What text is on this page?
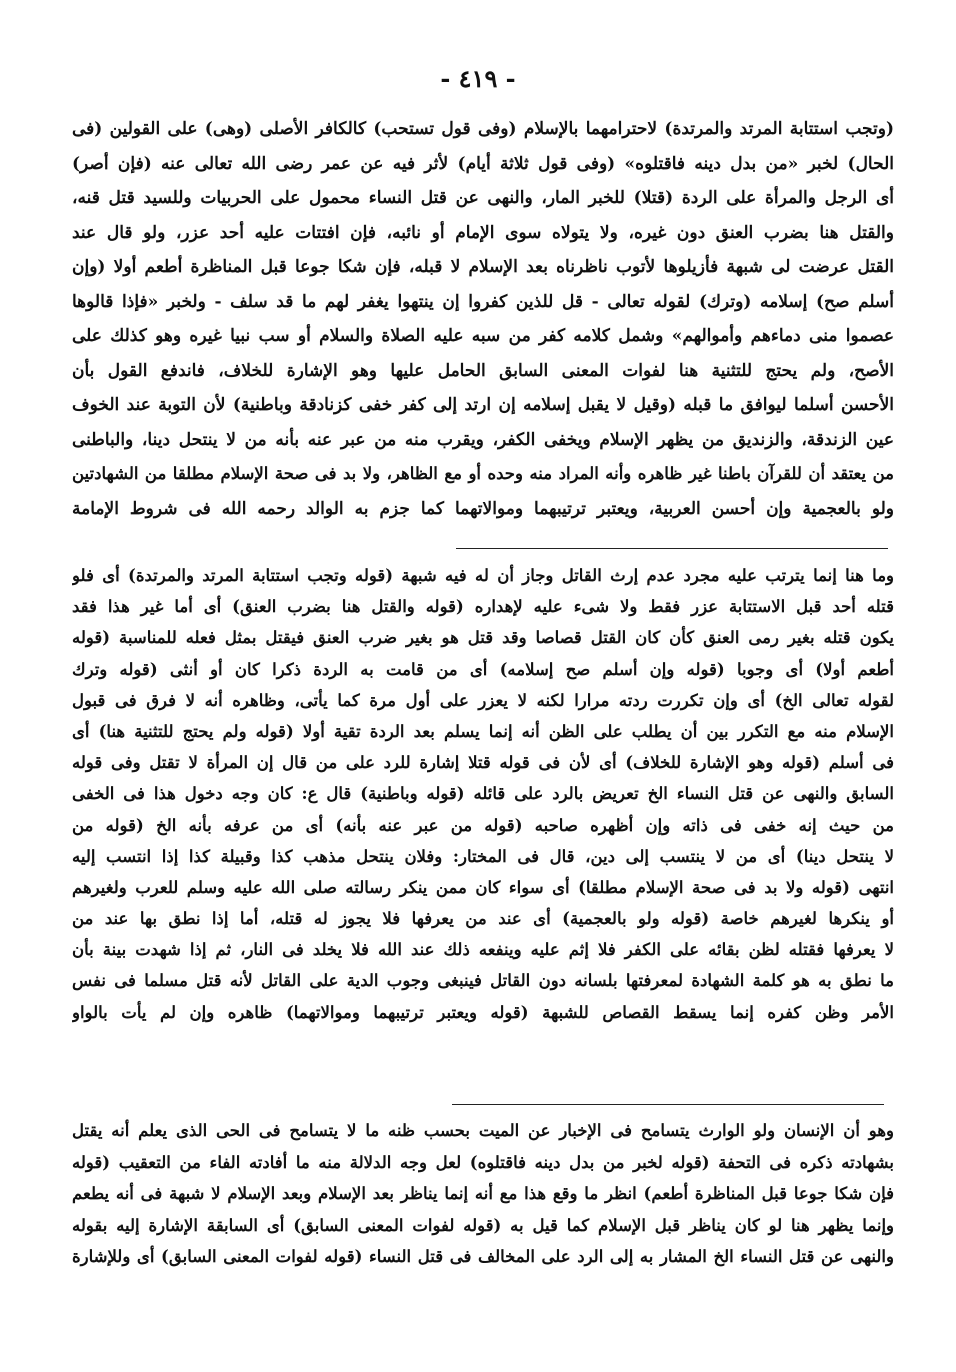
- ٤١٩ -
(وتجب استتابة المرتد والمرتدة) لاحترامهما بالإسلام (وفى قول تستحب) كالكافر الأصلى (وهى) على القولين (فى
الحال) لخبر «من بدل دينه فاقتلوه» (وفى قول ثلاثة أيام) لأثر فيه عن عمر رضى الله تعالى عنه (فإن أصر)
أى الرجل والمرأة على الردة (قتلا) للخبر المار، والنهى عن قتل النساء محمول على الحربيات وللسيد قتل قنه،
والقتل هنا بضرب العنق دون غيره، ولا يتولاه سوى الإمام أو نائبه، فإن افتتات عليه أحد عزر، ولو قال عند
القتل عرضت لى شبهة فأزيلوها لأتوب ناظرناه بعد الإسلام لا قبله، فإن شكا جوعا قبل المناظرة أطعم أولا (وإن
أسلم صح) إسلامه (وترك) لقوله تعالى - قل للذين كفروا إن ينتهوا يغفر لهم ما قد سلف - ولخبر «فإذا قالوها
عصموا منى دماءهم وأموالهم» وشمل كلامه كفر من سبه عليه الصلاة والسلام أو سب نبيا غيره وهو كذلك على
الأصح، ولم يحتج للتثنية هنا لفوات المعنى السابق الحامل عليها وهو الإشارة للخلاف، فاندفع القول بأن
الأحسن أسلما ليوافق ما قبله (وقيل لا يقبل إسلامه إن ارتد إلى كفر خفى كزنادقة وباطنية) لأن التوبة عند الخوف
عين الزندقة، والزنديق من يظهر الإسلام ويخفى الكفر، ويقرب منه من عبر عنه بأنه من لا ينتحل دينا، والباطنى
من يعتقد أن للقرآن باطنا غير ظاهره وأنه المراد منه وحده أو مع الظاهر، ولا بد فى صحة الإسلام مطلقا من الشهادتين
ولو بالعجمية وإن أحسن العربية، ويعتبر ترتيبهما وموالاتهما كما جزم به الوالد رحمه الله فى شروط الإمامة
وما هنا إنما يترتب عليه مجرد عدم إرث القاتل وجاز أن له فيه شبهة (قوله وتجب استتابة المرتد والمرتدة) أى فلو
قتله أحد قبل الاستتابة عزر فقط ولا شىء عليه لإهداره (قوله والقتل هنا بضرب العنق) أى أما غير هذا فقد
يكون قتله بغير رمى العنق كأن كان القتل قصاصا وقد قتل هو بغير ضرب العنق فيقتل بمثل فعله للمناسبة (قوله
أطعم أولا) أى وجوبا (قوله وإن أسلم صح إسلامه) أى من قامت به الردة ذكرا كان أو أنثى (قوله وترك
لقوله تعالى الخ) أى وإن تكررت ردته مرارا لكنه لا يعزر على أول مرة كما يأتى، وظاهره أنه لا فرق فى قبول
الإسلام منه مع التكرر بين أن يطلب على الظن أنه إنما يسلم بعد الردة تقية أولا (قوله ولم يحتج للتثنية هنا) أى
فى أسلم (قوله وهو الإشارة للخلاف) أى لأن فى قوله قتلا إشارة للرد على من قال إن المرأة لا تقتل وفى قوله
السابق والنهى عن قتل النساء الخ تعريض بالرد على قائله (قوله وباطنية) قال ع: كان وجه دخول هذا فى الخفى
من حيث إنه خفى فى ذاته وإن أظهره صاحبه (قوله من عبر عنه بأنه) أى من عرفه بأنه الخ (قوله من
لا ينتحل دينا) أى من لا ينتسب إلى دين، قال فى المختار: وفلان ينتحل مذهب كذا وقبيلة كذا إذا انتسب إليه
انتهى (قوله ولا بد فى صحة الإسلام مطلقا) أى سواء كان ممن ينكر رسالته صلى الله عليه وسلم للعرب ولغيرهم
أو ينكرها لغيرهم خاصة (قوله ولو بالعجمية) أى عند من يعرفها فلا يجوز له قتله، أما إذا نطق بها عند من
لا يعرفها فقتله لظن بقائه على الكفر فلا إثم عليه وينفعه ذلك عند الله فلا يخلد فى النار، ثم إذا شهدت بينة بأن
ما نطق به هو كلمة الشهادة لمعرفتها بلسانه دون القاتل فينبغى وجوب الدية على القاتل لأنه قتل مسلما فى نفس
الأمر وظن كفره إنما يسقط القصاص للشبهة (قوله ويعتبر ترتيبهما وموالاتهما) ظاهره وإن لم يأت بالواو
وهو أن الإنسان ولو الوارث يتسامح فى الإخبار عن الميت بحسب ظنه ما لا يتسامح فى الحى الذى يعلم أنه يقتل
بشهادته ذكره فى التحفة (قوله لخبر من بدل دينه فاقتلوه) لعل وجه الدلالة منه ما أفادته الفاء من التعقيب (قوله
فإن شكا جوعا قبل المناظرة أطعم) انظر ما وقع هذا مع أنه إنما يناظر بعد الإسلام وبعد الإسلام لا شبهة فى أنه يطعم
وإنما يظهر هنا لو كان يناظر قبل الإسلام كما قيل به (قوله لفوات المعنى السابق) أى السابقة الإشارة إليه بقوله
والنهى عن قتل النساء الخ المشار به إلى الرد على المخالف فى قتل النساء (قوله لفوات المعنى السابق) أى وللإشارة
